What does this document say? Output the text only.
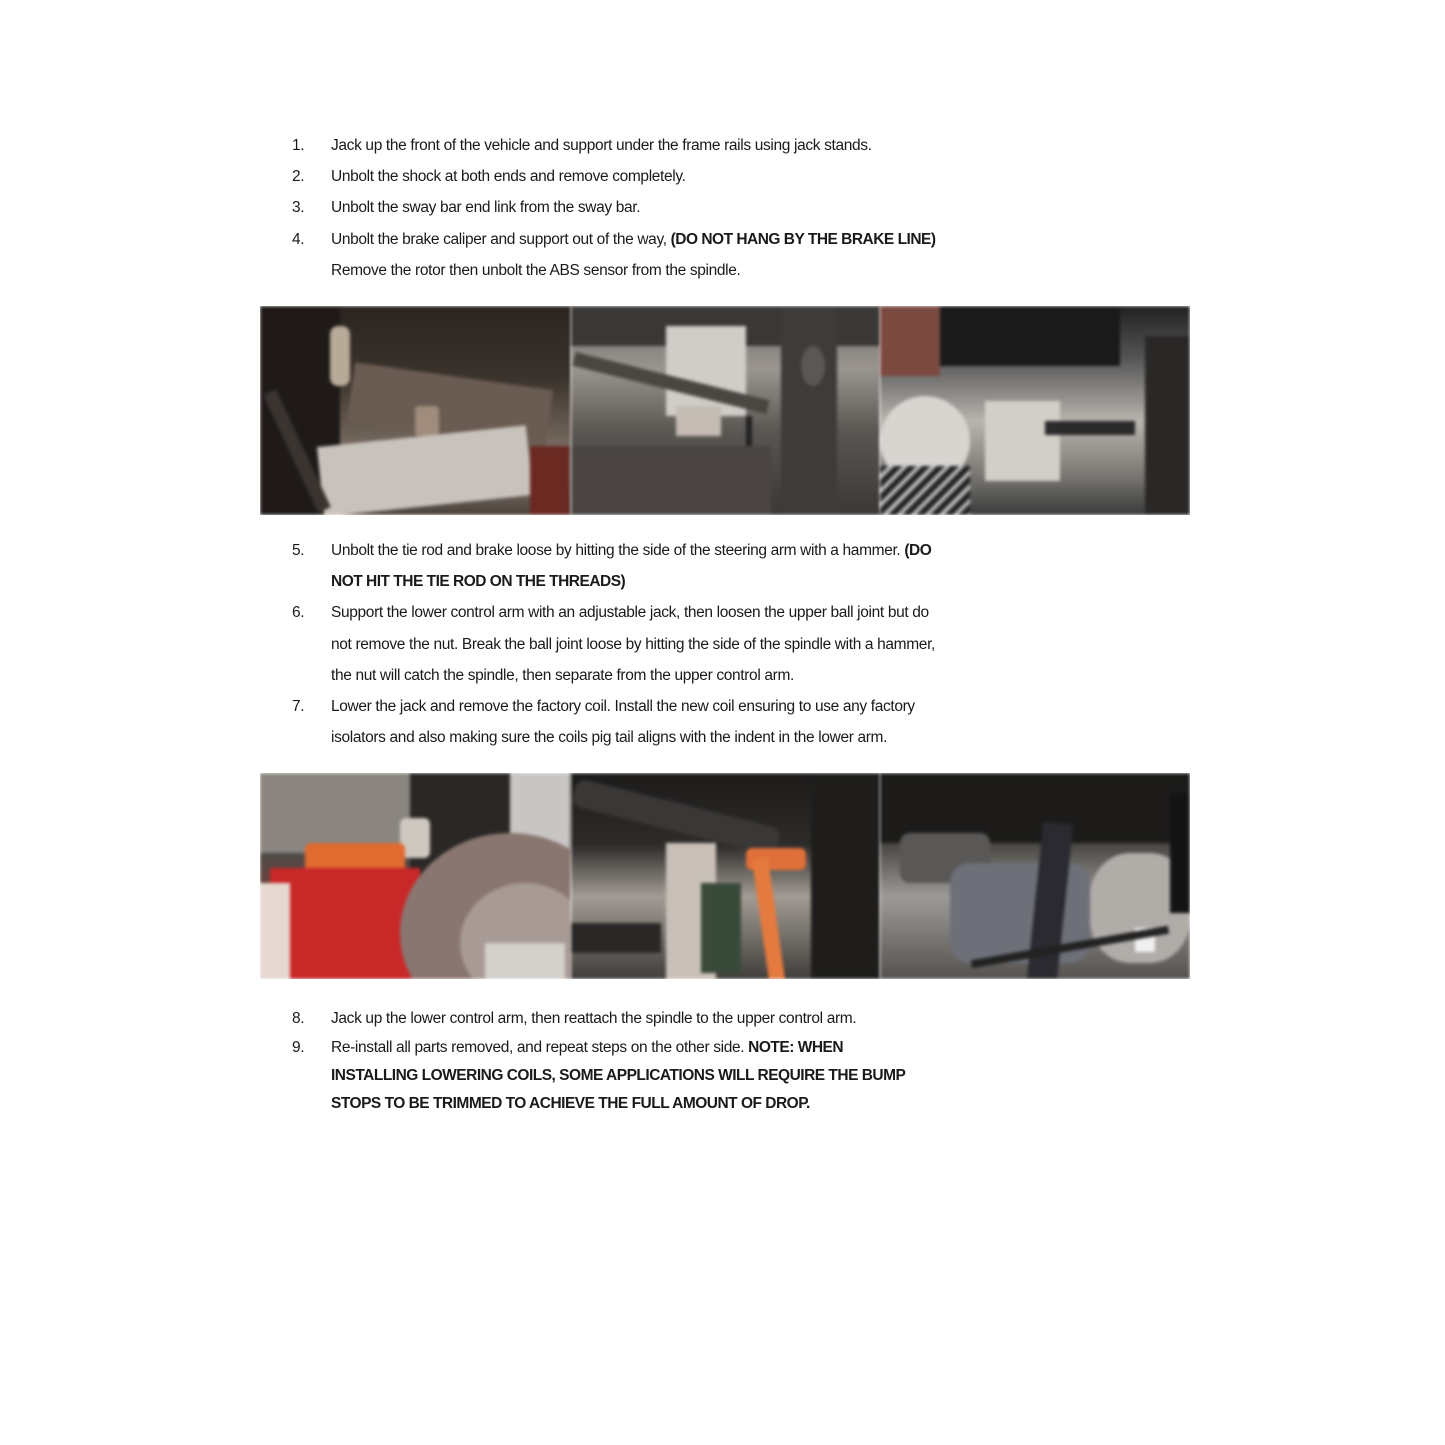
1.	Jack up the front of the vehicle and support under the frame rails using jack stands.
2.	Unbolt the shock at both ends and remove completely.
3.	Unbolt the sway bar end link from the sway bar.
4.	Unbolt the brake caliper and support out of the way, (DO NOT HANG BY THE BRAKE LINE)
Remove the rotor then unbolt the ABS sensor from the spindle.
5.	Unbolt the tie rod and brake loose by hitting the side of the steering arm with a hammer. (DO
NOT HIT THE TIE ROD ON THE THREADS)
6.	Support the lower control arm with an adjustable jack, then loosen the upper ball joint but do
not remove the nut. Break the ball joint loose by hitting the side of the spindle with a hammer,
the nut will catch the spindle, then separate from the upper control arm.
7.	Lower the jack and remove the factory coil. Install the new coil ensuring to use any factory
isolators and also making sure the coils pig tail aligns with the indent in the lower arm.
8.	Jack up the lower control arm, then reattach the spindle to the upper control arm.
9.	Re-install all parts removed, and repeat steps on the other side. NOTE: WHEN
INSTALLING LOWERING COILS, SOME APPLICATIONS WILL REQUIRE THE BUMP
STOPS TO BE TRIMMED TO ACHIEVE THE FULL AMOUNT OF DROP.
